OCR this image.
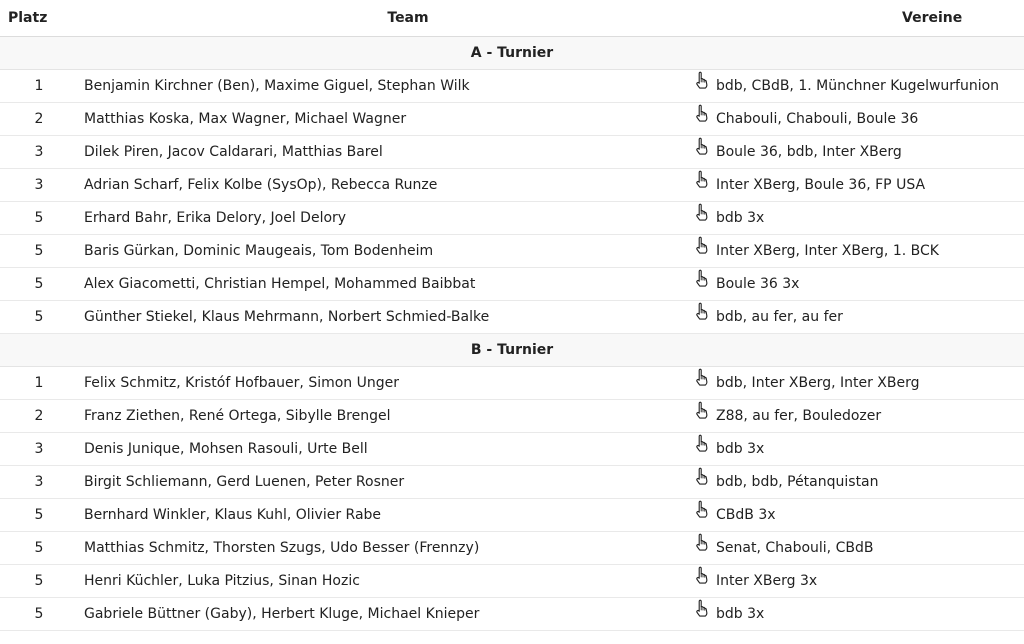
Platz	Team	Vereine
A - Turnier		
1	Benjamin Kirchner (Ben), Maxime Giguel, Stephan Wilk	bdb, CBdB, 1. Münchner Kugelwurfunion

2	Matthias Koska, Max Wagner, Michael Wagner	Chabouli, Chabouli, Boule 36

3	Dilek Piren, Jacov Caldarari, Matthias Barel	Boule 36, bdb, Inter XBerg

3	Adrian Scharf, Felix Kolbe (SysOp), Rebecca Runze	Inter XBerg, Boule 36, FP USA

5	Erhard Bahr, Erika Delory, Joel Delory	bdb 3x

5	Baris Gürkan, Dominic Maugeais, Tom Bodenheim	Inter XBerg, Inter XBerg, 1. BCK

5	Alex Giacometti, Christian Hempel, Mohammed Baibbat	Boule 36 3x

5	Günther Stiekel, Klaus Mehrmann, Norbert Schmied-Balke	bdb, au fer, au fer

B - Turnier		
1	Felix Schmitz, Kristóf Hofbauer, Simon Unger	bdb, Inter XBerg, Inter XBerg

2	Franz Ziethen, René Ortega, Sibylle Brengel	Z88, au fer, Bouledozer

3	Denis Junique, Mohsen Rasouli, Urte Bell	bdb 3x

3	Birgit Schliemann, Gerd Luenen, Peter Rosner	bdb, bdb, Pétanquistan

5	Bernhard Winkler, Klaus Kuhl, Olivier Rabe	CBdB 3x

5	Matthias Schmitz, Thorsten Szugs, Udo Besser (Frennzy)	Senat, Chabouli, CBdB

5	Henri Küchler, Luka Pitzius, Sinan Hozic	Inter XBerg 3x

5	Gabriele Büttner (Gaby), Herbert Kluge, Michael Knieper	bdb 3x
